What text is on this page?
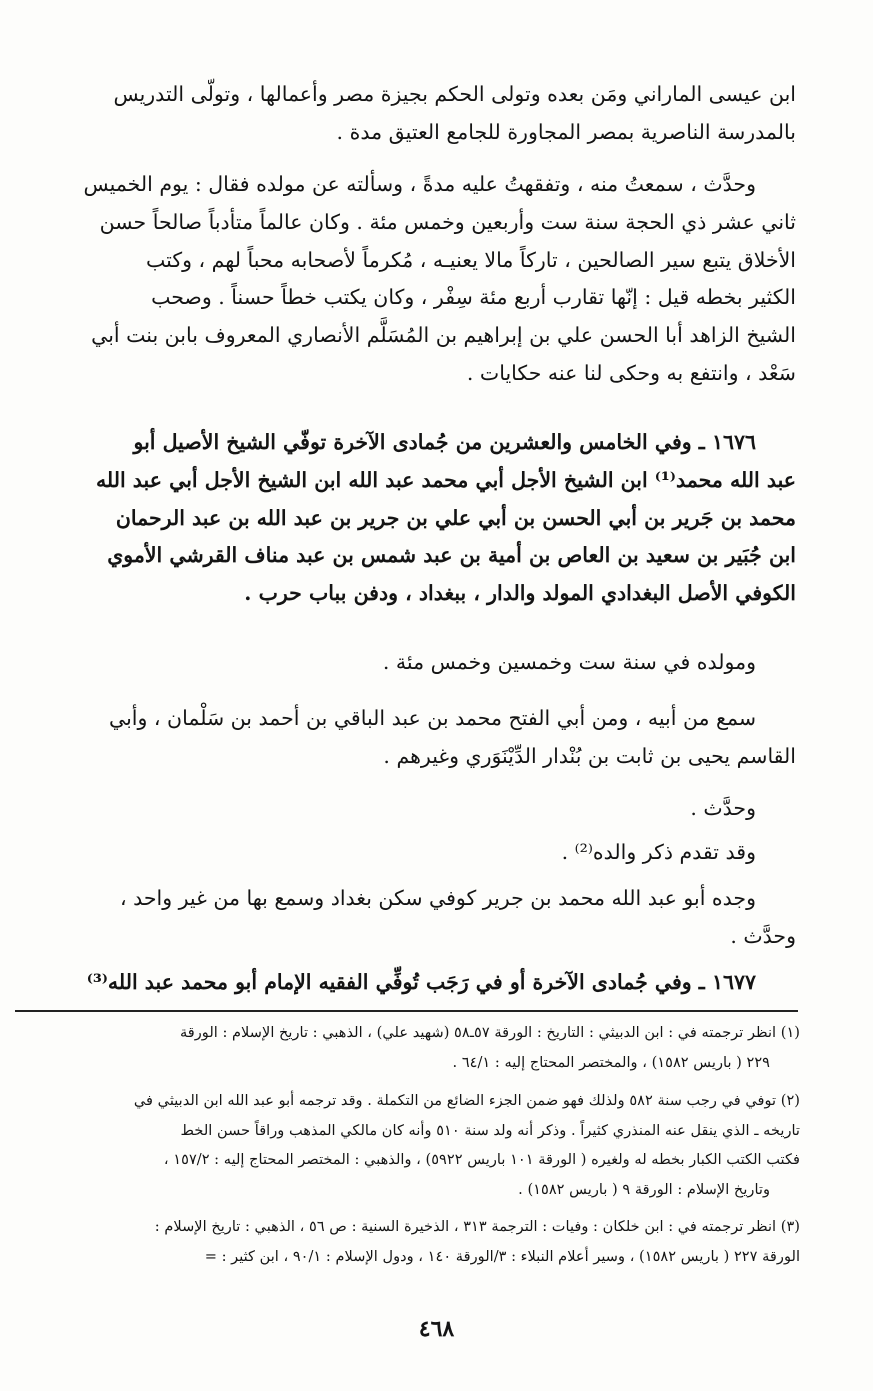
ابن عيسى الماراني ومَن بعده وتولى الحكم بجيزة مصر وأعمالها ، وتولّى التدريس
بالمدرسة الناصرية بمصر المجاورة للجامع العتيق مدة .
وحدَّث ، سمعتُ منه ، وتفقهتُ عليه مدةً ، وسألته عن مولده فقال : يوم الخميس
ثاني عشر ذي الحجة سنة ست وأربعين وخمس مئة . وكان عالماً متأدباً صالحاً حسن
الأخلاق يتبع سير الصالحين ، تاركاً مالا يعنيـه ، مُكرماً لأصحابه محباً لهم ، وكتب
الكثير بخطه قيل : إنّها تقارب أربع مئة سِفْر ، وكان يكتب خطاً حسناً . وصحب
الشيخ الزاهد أبا الحسن علي بن إبراهيم بن المُسَلَّم الأنصاري المعروف بابن بنت أبي
سَعْد ، وانتفع به وحكى لنا عنه حكايات .
١٦٧٦ ـ وفي الخامس والعشرين من جُمادى الآخرة توفّي الشيخ الأصيل أبو
عبد الله محمد⁽¹⁾ ابن الشيخ الأجل أبي محمد عبد الله ابن الشيخ الأجل أبي عبد الله
محمد بن جَرير بن أبي الحسن بن أبي علي بن جرير بن عبد الله بن عبد الرحمان
ابن جُبَير بن سعيد بن العاص بن أمية بن عبد شمس بن عبد مناف القرشي الأموي
الكوفي الأصل البغدادي المولد والدار ، ببغداد ، ودفن بباب حرب .
ومولده في سنة ست وخمسين وخمس مئة .
سمع من أبيه ، ومن أبي الفتح محمد بن عبد الباقي بن أحمد بن سَلْمان ، وأبي
القاسم يحيى بن ثابت بن بُنْدار الدِّيْنَوَري وغيرهم .
وحدَّث .
وقد تقدم ذكر والده⁽²⁾ .
وجده أبو عبد الله محمد بن جرير كوفي سكن بغداد وسمع بها من غير واحد ،
وحدَّث .
١٦٧٧ ـ وفي جُمادى الآخرة أو في رَجَب تُوفِّي الفقيه الإمام أبو محمد عبد الله⁽³⁾
(١) انظر ترجمته في : ابن الدبيثي : التاريخ : الورقة ٥٧ـ٥٨ (شهيد علي) ، الذهبي : تاريخ الإسلام : الورقة
٢٢٩ ( باريس ١٥٨٢) ، والمختصر المحتاج إليه : ٦٤/١ .
(٢) توفي في رجب سنة ٥٨٢ ولذلك فهو ضمن الجزء الضائع من التكملة . وقد ترجمه أبو عبد الله ابن الدبيثي في
تاريخه ـ الذي ينقل عنه المنذري كثيراً . وذكر أنه ولد سنة ٥١٠ وأنه كان مالكي المذهب وراقاً حسن الخط
فكتب الكتب الكبار بخطه له ولغيره ( الورقة ١٠١ باريس ٥٩٢٢) ، والذهبي : المختصر المحتاج إليه : ١٥٧/٢ ،
وتاريخ الإسلام : الورقة ٩ ( باريس ١٥٨٢) .
(٣) انظر ترجمته في : ابن خلكان : وفيات : الترجمة ٣١٣ ، الذخيرة السنية : ص ٥٦ ، الذهبي : تاريخ الإسلام :
الورقة ٢٢٧ ( باريس ١٥٨٢) ، وسير أعلام النبلاء : ٣/الورقة ١٤٠ ، ودول الإسلام : ٩٠/١ ، ابن كثير : =
٤٦٨
